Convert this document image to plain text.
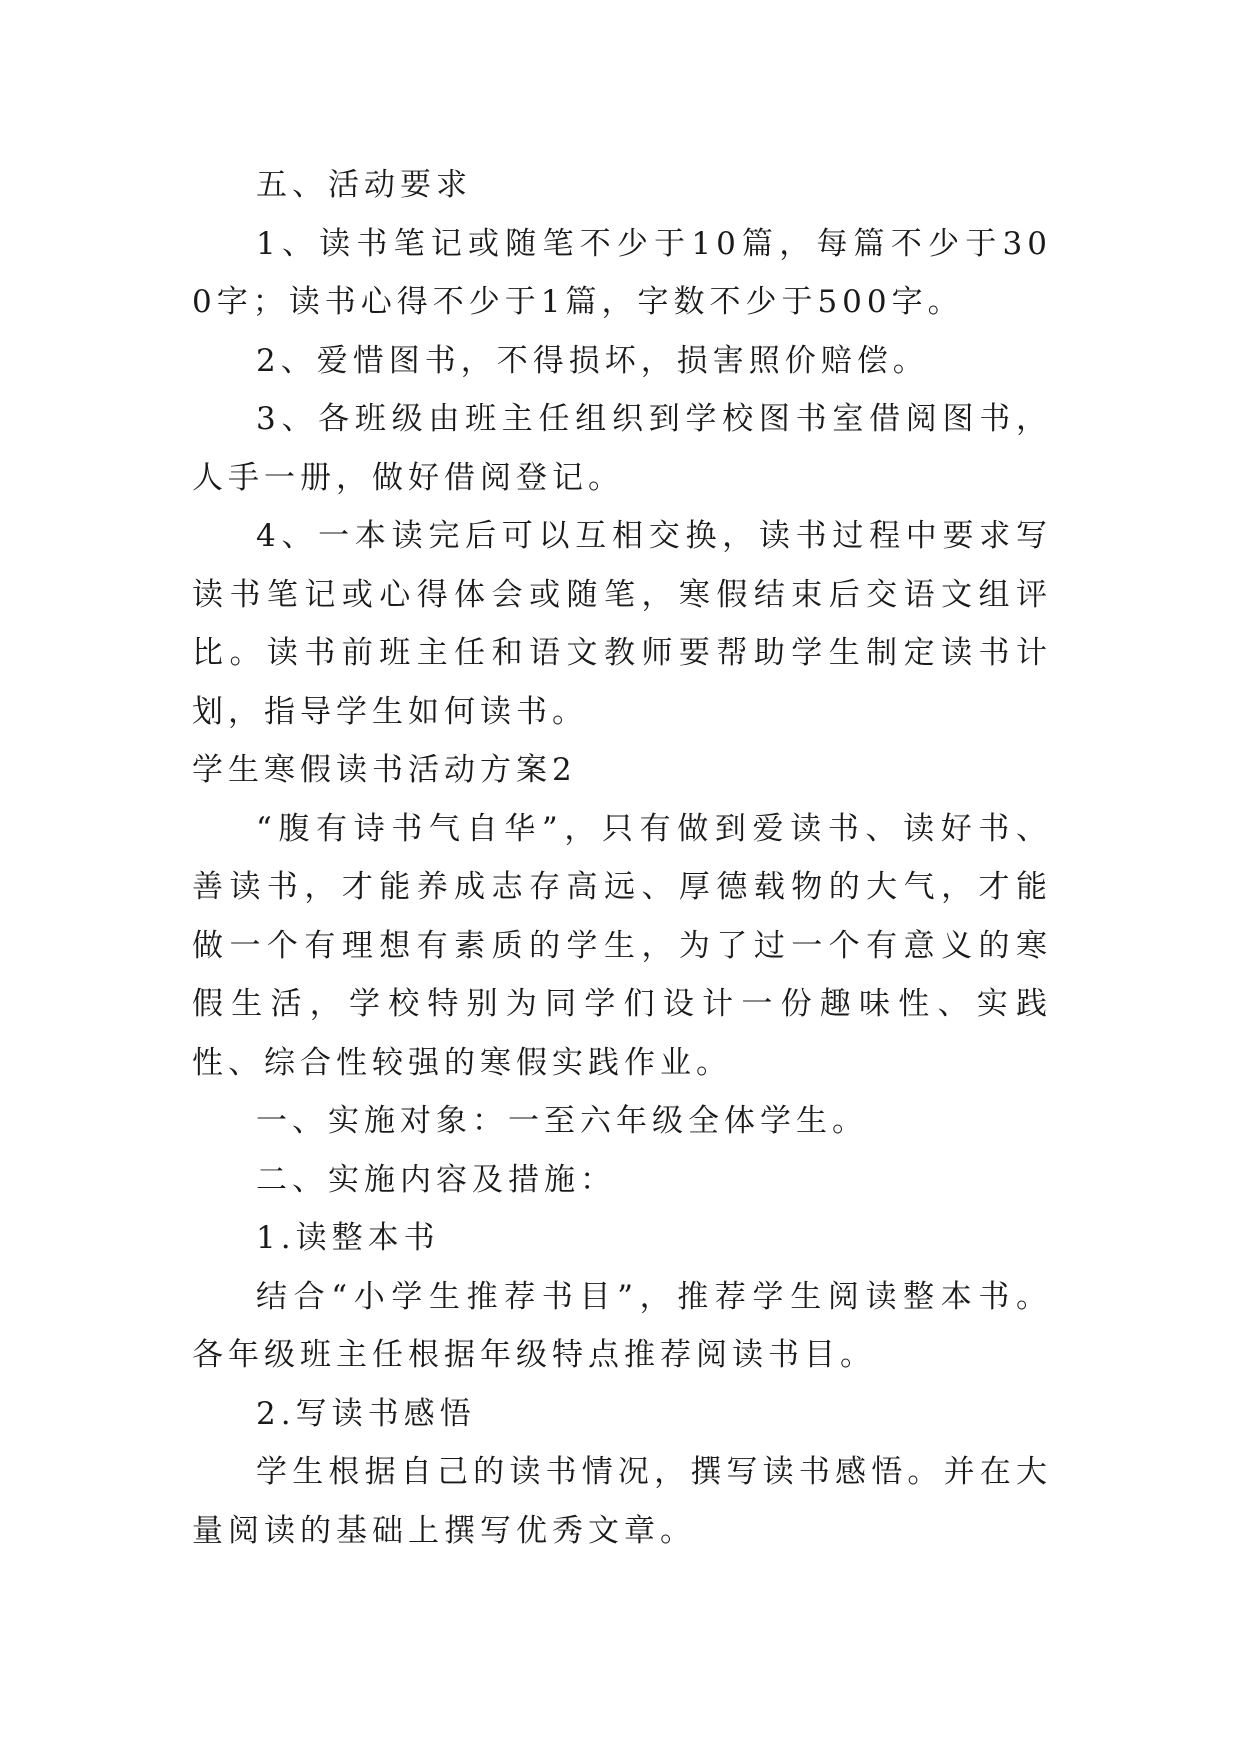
五、活动要求

1、读书笔记或随笔不少于10篇，每篇不少于300字；读书心得不少于1篇，字数不少于500字。

2、爱惜图书，不得损坏，损害照价赔偿。

3、各班级由班主任组织到学校图书室借阅图书，人手一册，做好借阅登记。

4、一本读完后可以互相交换，读书过程中要求写读书笔记或心得体会或随笔，寒假结束后交语文组评比。读书前班主任和语文教师要帮助学生制定读书计划，指导学生如何读书。

学生寒假读书活动方案2

“腹有诗书气自华”，只有做到爱读书、读好书、善读书，才能养成志存高远、厚德载物的大气，才能做一个有理想有素质的学生，为了过一个有意义的寒假生活，学校特别为同学们设计一份趣味性、实践性、综合性较强的寒假实践作业。

一、实施对象：一至六年级全体学生。

二、实施内容及措施：

1.读整本书

结合“小学生推荐书目”，推荐学生阅读整本书。各年级班主任根据年级特点推荐阅读书目。

2.写读书感悟

学生根据自己的读书情况，撰写读书感悟。并在大量阅读的基础上撰写优秀文章。
